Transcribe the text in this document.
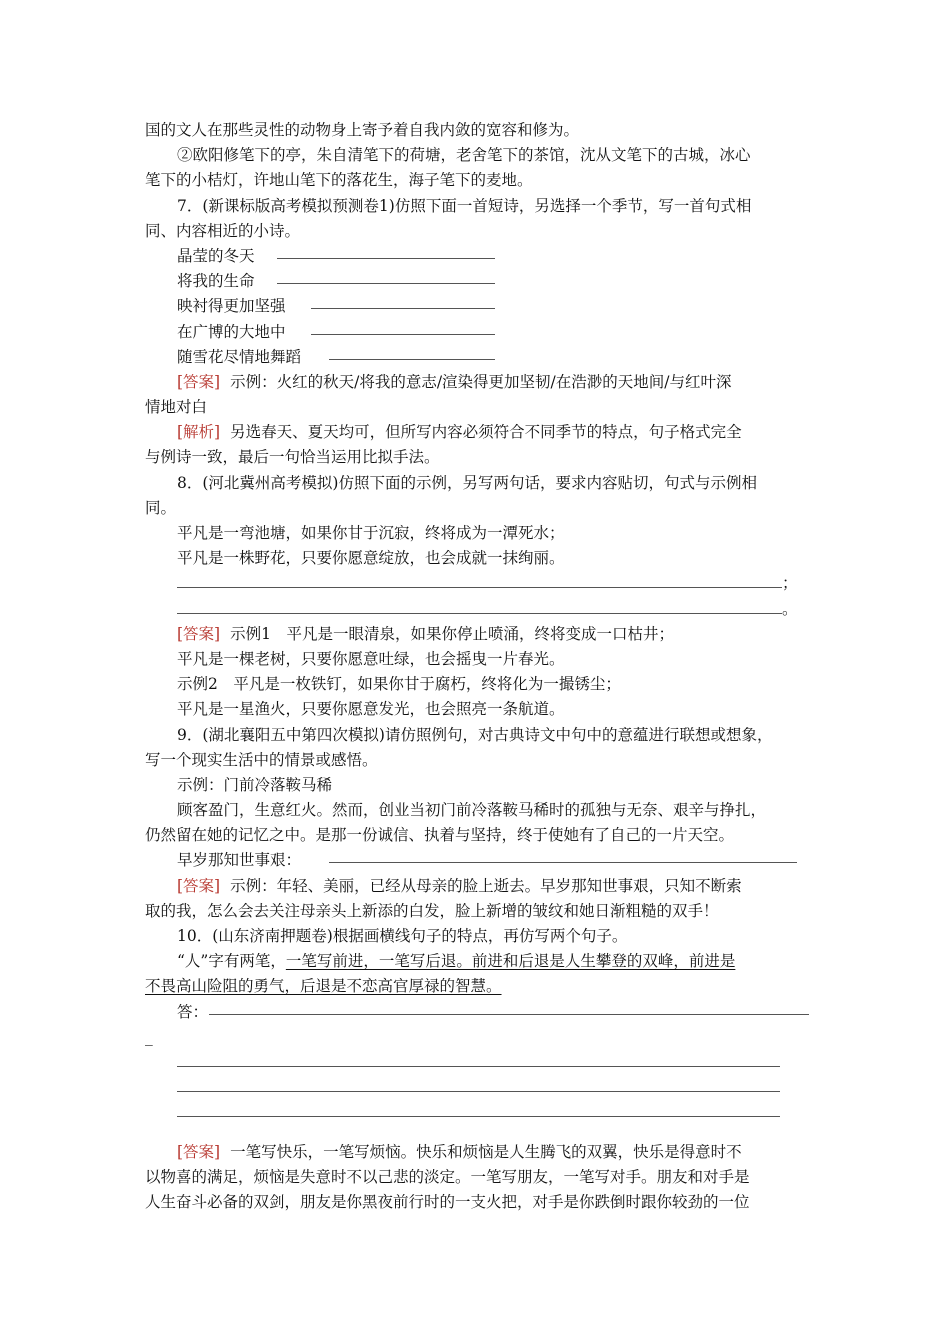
国的文人在那些灵性的动物身上寄予着自我内敛的宽容和修为。
②欧阳修笔下的亭，朱自清笔下的荷塘，老舍笔下的茶馆，沈从文笔下的古城，冰心
笔下的小桔灯，许地山笔下的落花生，海子笔下的麦地。
7．(新课标版高考模拟预测卷1)仿照下面一首短诗，另选择一个季节，写一首句式相
同、内容相近的小诗。
晶莹的冬天
将我的生命
映衬得更加坚强
在广博的大地中
随雪花尽情地舞蹈
[答案] 示例：火红的秋天/将我的意志/渲染得更加坚韧/在浩渺的天地间/与红叶深
情地对白
[解析] 另选春天、夏天均可，但所写内容必须符合不同季节的特点，句子格式完全
与例诗一致，最后一句恰当运用比拟手法。
8．(河北冀州高考模拟)仿照下面的示例，另写两句话，要求内容贴切，句式与示例相
同。
平凡是一弯池塘，如果你甘于沉寂，终将成为一潭死水；
平凡是一株野花，只要你愿意绽放，也会成就一抹绚丽。
；
。
[答案] 示例1　平凡是一眼清泉，如果你停止喷涌，终将变成一口枯井；
平凡是一棵老树，只要你愿意吐绿，也会摇曳一片春光。
示例2　平凡是一枚铁钉，如果你甘于腐朽，终将化为一撮锈尘；
平凡是一星渔火，只要你愿意发光，也会照亮一条航道。
9．(湖北襄阳五中第四次模拟)请仿照例句，对古典诗文中句中的意蕴进行联想或想象，
写一个现实生活中的情景或感悟。
示例：门前冷落鞍马稀
顾客盈门，生意红火。然而，创业当初门前冷落鞍马稀时的孤独与无奈、艰辛与挣扎，
仍然留在她的记忆之中。是那一份诚信、执着与坚持，终于使她有了自己的一片天空。
早岁那知世事艰：
[答案] 示例：年轻、美丽，已经从母亲的脸上逝去。早岁那知世事艰，只知不断索
取的我，怎么会去关注母亲头上新添的白发，脸上新增的皱纹和她日渐粗糙的双手！
10．(山东济南押题卷)根据画横线句子的特点，再仿写两个句子。
“人”字有两笔，一笔写前进，一笔写后退。前进和后退是人生攀登的双峰，前进是
不畏高山险阻的勇气，后退是不恋高官厚禄的智慧。
答：
_
[答案] 一笔写快乐，一笔写烦恼。快乐和烦恼是人生腾飞的双翼，快乐是得意时不
以物喜的满足，烦恼是失意时不以己悲的淡定。一笔写朋友，一笔写对手。朋友和对手是
人生奋斗必备的双剑，朋友是你黑夜前行时的一支火把，对手是你跌倒时跟你较劲的一位
